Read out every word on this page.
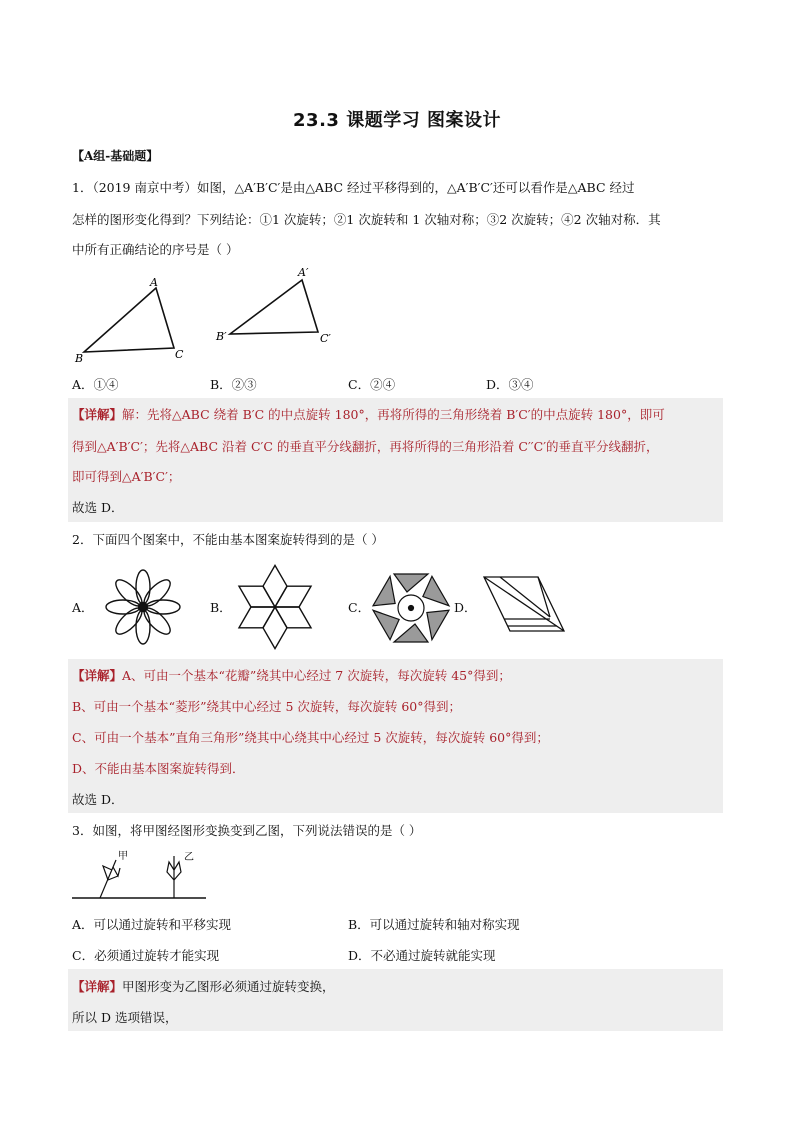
23.3 课题学习 图案设计
【A组-基础题】
1．（2019 南京中考）如图，△A′B′C′是由△ABC 经过平移得到的，△A′B′C′还可以看作是△ABC 经过
怎样的图形变化得到？下列结论：①1 次旋转；②1 次旋转和 1 次轴对称；③2 次旋转；④2 次轴对称．其
中所有正确结论的序号是（ ）
A
B	C
A′
B′	C′
A．①④	B．②③	C．②④	D．③④
【详解】解：先将△ABC 绕着 B′C 的中点旋转 180°，再将所得的三角形绕着 B′C′的中点旋转 180°，即可
得到△A′B′C′；先将△ABC 沿着 C′C 的垂直平分线翻折，再将所得的三角形沿着 C′′C′的垂直平分线翻折，
即可得到△A′B′C′；
故选 D．
2．下面四个图案中，不能由基本图案旋转得到的是（ ）
A．	B．	C．	D．
【详解】A、可由一个基本“花瓣”绕其中心经过 7 次旋转，每次旋转 45°得到；
B、可由一个基本“菱形”绕其中心经过 5 次旋转，每次旋转 60°得到；
C、可由一个基本”直角三角形”绕其中心绕其中心经过 5 次旋转，每次旋转 60°得到；
D、不能由基本图案旋转得到．
故选 D．
3．如图，将甲图经图形变换变到乙图，下列说法错误的是（ ）
甲	乙
A．可以通过旋转和平移实现	B．可以通过旋转和轴对称实现
C．必须通过旋转才能实现	D．不必通过旋转就能实现
【详解】甲图形变为乙图形必须通过旋转变换，
所以 D 选项错误，
